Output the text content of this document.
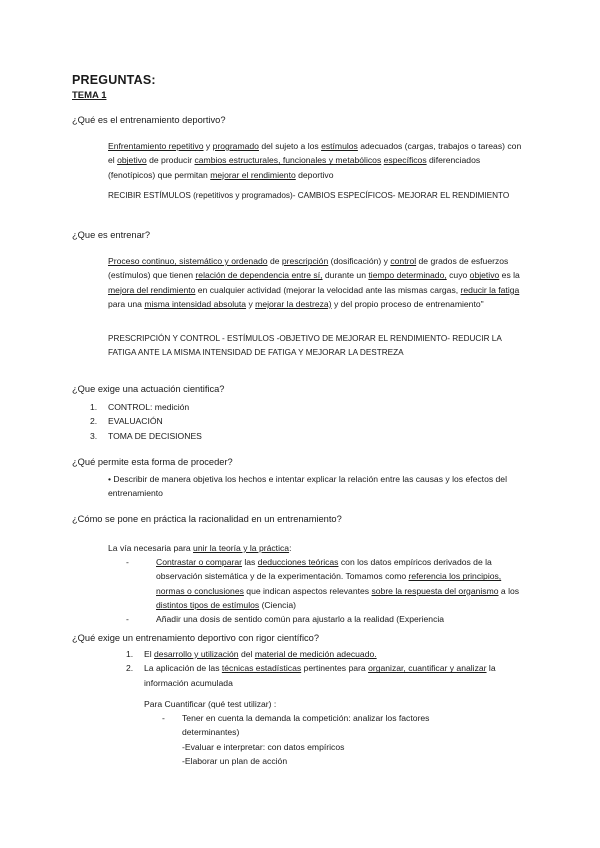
PREGUNTAS:
TEMA 1
¿Qué es el entrenamiento deportivo?
Enfrentamiento repetitivo y programado del sujeto a los estímulos adecuados (cargas, trabajos o tareas) con el objetivo de producir cambios estructurales, funcionales y metabólicos específicos diferenciados (fenotípicos) que permitan mejorar el rendimiento deportivo
RECIBIR ESTÍMULOS (repetitivos y programados)- CAMBIOS ESPECÍFICOS- MEJORAR EL RENDIMIENTO
¿Que es entrenar?
Proceso continuo, sistemático y ordenado de prescripción (dosificación) y control de grados de esfuerzos (estímulos) que tienen relación de dependencia entre sí, durante un tiempo determinado, cuyo objetivo es la mejora del rendimiento en cualquier actividad (mejorar la velocidad ante las mismas cargas, reducir la fatiga para una misma intensidad absoluta y mejorar la destreza) y del propio proceso de entrenamiento"
PRESCRIPCIÓN Y CONTROL - ESTÍMULOS -OBJETIVO DE MEJORAR EL RENDIMIENTO- REDUCIR LA FATIGA ANTE LA MISMA INTENSIDAD DE FATIGA Y MEJORAR LA DESTREZA
¿Que exige una actuación cientifica?
1.	CONTROL: medición
2.	EVALUACIÓN
3.	TOMA DE DECISIONES
¿Qué permite esta forma de proceder?
• Describir de manera objetiva los hechos e intentar explicar la relación entre las causas y los efectos del entrenamiento
¿Cómo se pone en práctica la racionalidad en un entrenamiento?
La vía necesaria para unir la teoría y la práctica:
-	Contrastar o comparar las deducciones teóricas con los datos empíricos derivados de la observación sistemática y de la experimentación. Tomamos como referencia los principios, normas o conclusiones que indican aspectos relevantes sobre la respuesta del organismo a los distintos tipos de estímulos (Ciencia)
-	Añadir una dosis de sentido común para ajustarlo a la realidad (Experiencia
¿Qué exige un entrenamiento deportivo con rigor científico?
1. El desarrollo y utilización del material de medición adecuado.
2. La aplicación de las técnicas estadísticas pertinentes para organizar, cuantificar y analizar la información acumulada
Para Cuantificar (qué test utilizar) :
- Tener en cuenta la demanda la competición: analizar los factores determinantes)
-Evaluar e interpretar: con datos empíricos
-Elaborar un plan de acción
